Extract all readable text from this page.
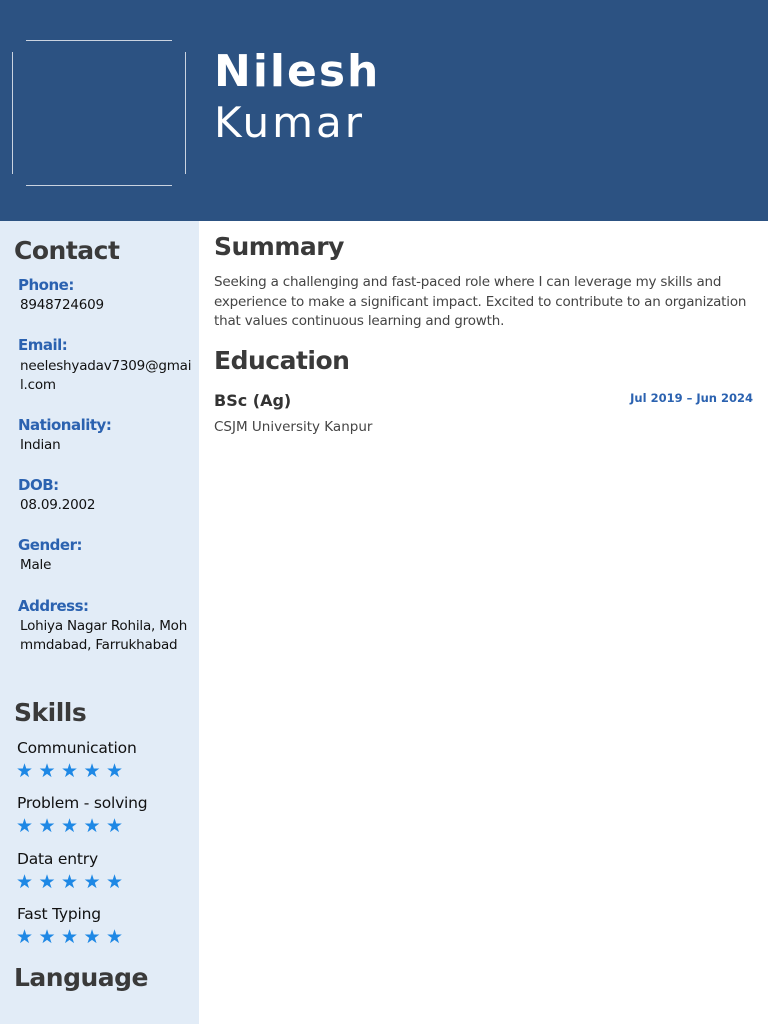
Nilesh
Kumar
Contact
Phone:
8948724609
Email:
neeleshyadav7309@gmail.com
Nationality:
Indian
DOB:
08.09.2002
Gender:
Male
Address:
Lohiya Nagar Rohila, Mohmmdabad, Farrukhabad
Skills
Communication
★ ★ ★ ★ ★
Problem - solving
★ ★ ★ ★ ★
Data entry
★ ★ ★ ★ ★
Fast Typing
★ ★ ★ ★ ★
Language
Summary
Seeking a challenging and fast-paced role where I can leverage my skills and experience to make a significant impact. Excited to contribute to an organization that values continuous learning and growth.
Education
BSc (Ag)	Jul 2019 – Jun 2024
CSJM University Kanpur
